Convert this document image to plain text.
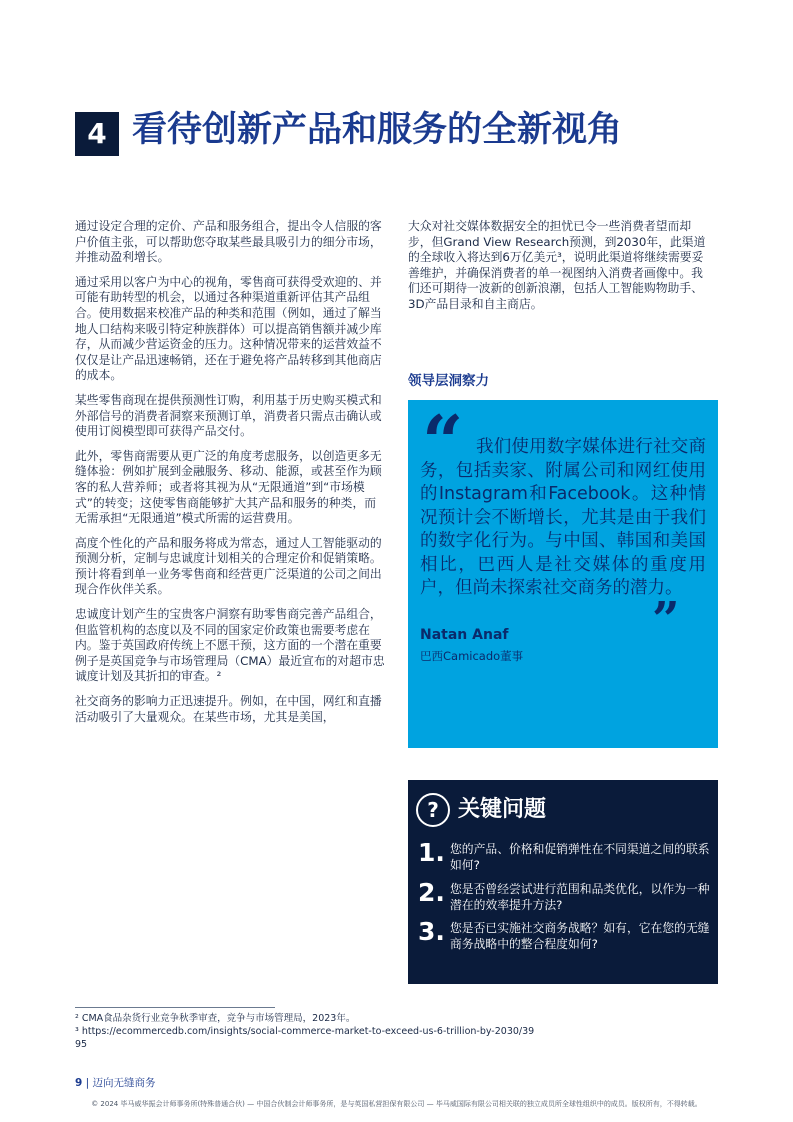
4 看待创新产品和服务的全新视角

通过设定合理的定价、产品和服务组合，提出令人信服的客户价值主张，可以帮助您夺取某些最具吸引力的细分市场，并推动盈利增长。

通过采用以客户为中心的视角，零售商可获得受欢迎的、并可能有助转型的机会，以通过各种渠道重新评估其产品组合。使用数据来校准产品的种类和范围（例如，通过了解当地人口结构来吸引特定种族群体）可以提高销售额并减少库存，从而减少营运资金的压力。这种情况带来的运营效益不仅仅是让产品迅速畅销，还在于避免将产品转移到其他商店的成本。

某些零售商现在提供预测性订购，利用基于历史购买模式和外部信号的消费者洞察来预测订单，消费者只需点击确认或使用订阅模型即可获得产品交付。

此外，零售商需要从更广泛的角度考虑服务，以创造更多无缝体验：例如扩展到金融服务、移动、能源，或甚至作为顾客的私人营养师；或者将其视为从“无限通道”到“市场模式”的转变；这使零售商能够扩大其产品和服务的种类，而无需承担“无限通道”模式所需的运营费用。

高度个性化的产品和服务将成为常态，通过人工智能驱动的预测分析，定制与忠诚度计划相关的合理定价和促销策略。预计将看到单一业务零售商和经营更广泛渠道的公司之间出现合作伙伴关系。

忠诚度计划产生的宝贵客户洞察有助零售商完善产品组合，但监管机构的态度以及不同的国家定价政策也需要考虑在内。鉴于英国政府传统上不愿干预，这方面的一个潜在重要例子是英国竞争与市场管理局（CMA）最近宣布的对超市忠诚度计划及其折扣的审查。²

社交商务的影响力正迅速提升。例如，在中国，网红和直播活动吸引了大量观众。在某些市场，尤其是美国，

大众对社交媒体数据安全的担忧已令一些消费者望而却步，但Grand View Research预测，到2030年，此渠道的全球收入将达到6万亿美元³，说明此渠道将继续需要妥善维护，并确保消费者的单一视图纳入消费者画像中。我们还可期待一波新的创新浪潮，包括人工智能购物助手、3D产品目录和自主商店。

领导层洞察力
“ 我们使用数字媒体进行社交商务，包括卖家、附属公司和网红使用的Instagram和Facebook。这种情况预计会不断增长，尤其是由于我们的数字化行为。与中国、韩国和美国相比，巴西人是社交媒体的重度用户，但尚未探索社交商务的潜力。
”
Natan Anaf
巴西Camicado董事
? 关键问题
1. 您的产品、价格和促销弹性在不同渠道之间的联系如何?
2. 您是否曾经尝试进行范围和品类优化，以作为一种潜在的效率提升方法?
3. 您是否已实施社交商务战略？如有，它在您的无缝商务战略中的整合程度如何?
² CMA食品杂货行业竞争秋季审查，竞争与市场管理局，2023年。
³ https://ecommercedb.com/insights/social-commerce-market-to-exceed-us-6-trillion-by-2030/3995
9 | 迈向无缝商务
© 2024 毕马威华振会计师事务所(特殊普通合伙) — 中国合伙制会计师事务所，是与英国私营担保有限公司 — 毕马威国际有限公司相关联的独立成员所全球性组织中的成员。版权所有，不得转载。
